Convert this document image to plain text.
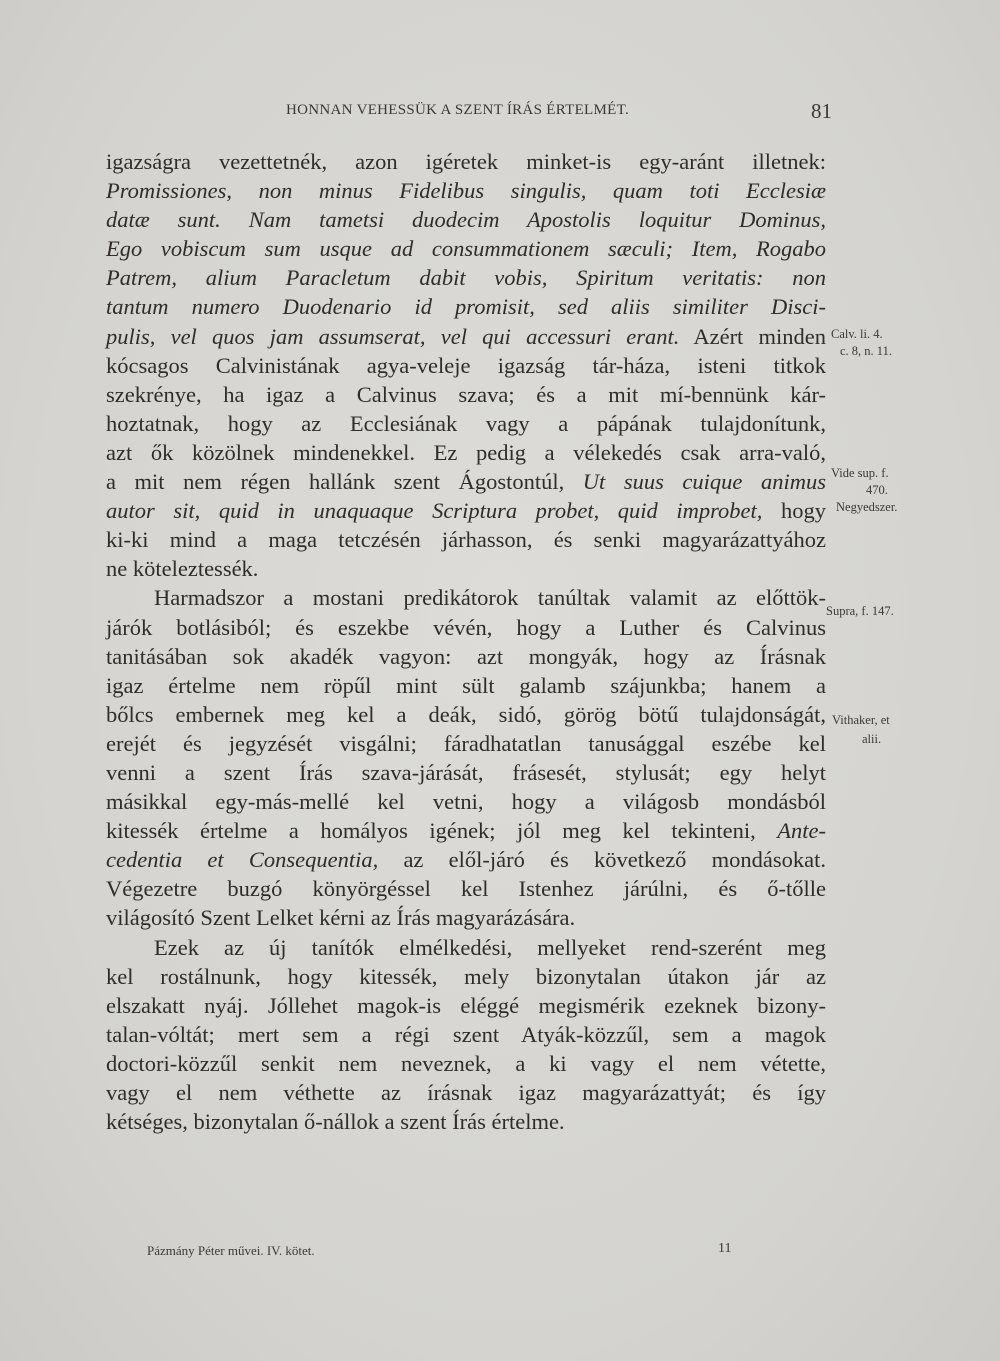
HONNAN VEHESSÜK A SZENT ÍRÁS ÉRTELMÉT.	81
igazságra vezettetnék, azon igéretek minket-is egy-aránt illetnek:
Promissiones, non minus Fidelibus singulis, quam toti Ecclesiæ
datæ sunt. Nam tametsi duodecim Apostolis loquitur Dominus,
Ego vobiscum sum usque ad consummationem sæculi; Item, Rogabo
Patrem, alium Paracletum dabit vobis, Spiritum veritatis: non
tantum numero Duodenario id promisit, sed aliis similiter Disci-
pulis, vel quos jam assumserat, vel qui accessuri erant. Azért minden
kócsagos Calvinistának agya-veleje igazság tár-háza, isteni titkok
szekrénye, ha igaz a Calvinus szava; és a mit mí-bennünk kár-
hoztatnak, hogy az Ecclesiának vagy a pápának tulajdonítunk,
azt ők közölnek mindenekkel. Ez pedig a vélekedés csak arra-való,
a mit nem régen hallánk szent Ágostontúl, Ut suus cuique animus
autor sit, quid in unaquaque Scriptura probet, quid improbet, hogy
ki-ki mind a maga tetczésén járhasson, és senki magyarázattyához
ne köteleztessék.
Harmadszor a mostani predikátorok tanúltak valamit az előttök-
járók botlásiból; és eszekbe vévén, hogy a Luther és Calvinus
tanitásában sok akadék vagyon: azt mongyák, hogy az Írásnak
igaz értelme nem röpűl mint sült galamb szájunkba; hanem a
bőlcs embernek meg kel a deák, sidó, görög bötű tulajdonságát,
erejét és jegyzését visgálni; fáradhatatlan tanusággal eszébe kel
venni a szent Írás szava-járását, frásesét, stylusát; egy helyt
másikkal egy-más-mellé kel vetni, hogy a világosb mondásból
kitessék értelme a homályos igének; jól meg kel tekinteni, Ante-
cedentia et Consequentia, az elől-járó és következő mondásokat.
Végezetre buzgó könyörgéssel kel Istenhez járúlni, és ő-tőlle
világosító Szent Lelket kérni az Írás magyarázására.
Ezek az új tanítók elmélkedési, mellyeket rend-szerént meg
kel rostálnunk, hogy kitessék, mely bizonytalan útakon jár az
elszakatt nyáj. Jóllehet magok-is eléggé megismérik ezeknek bizony-
talan-vóltát; mert sem a régi szent Atyák-közzűl, sem a magok
doctori-közzűl senkit nem neveznek, a ki vagy el nem vétette,
vagy el nem véthette az írásnak igaz magyarázattyát; és így
kétséges, bizonytalan ő-nállok a szent Írás értelme.
Calv. li. 4.
c. 8, n. 11.
Vide sup. f.
470.
Negyedszer.
Supra, f. 147.
Vithaker, et
alii.
Pázmány Péter művei. IV. kötet.	11
